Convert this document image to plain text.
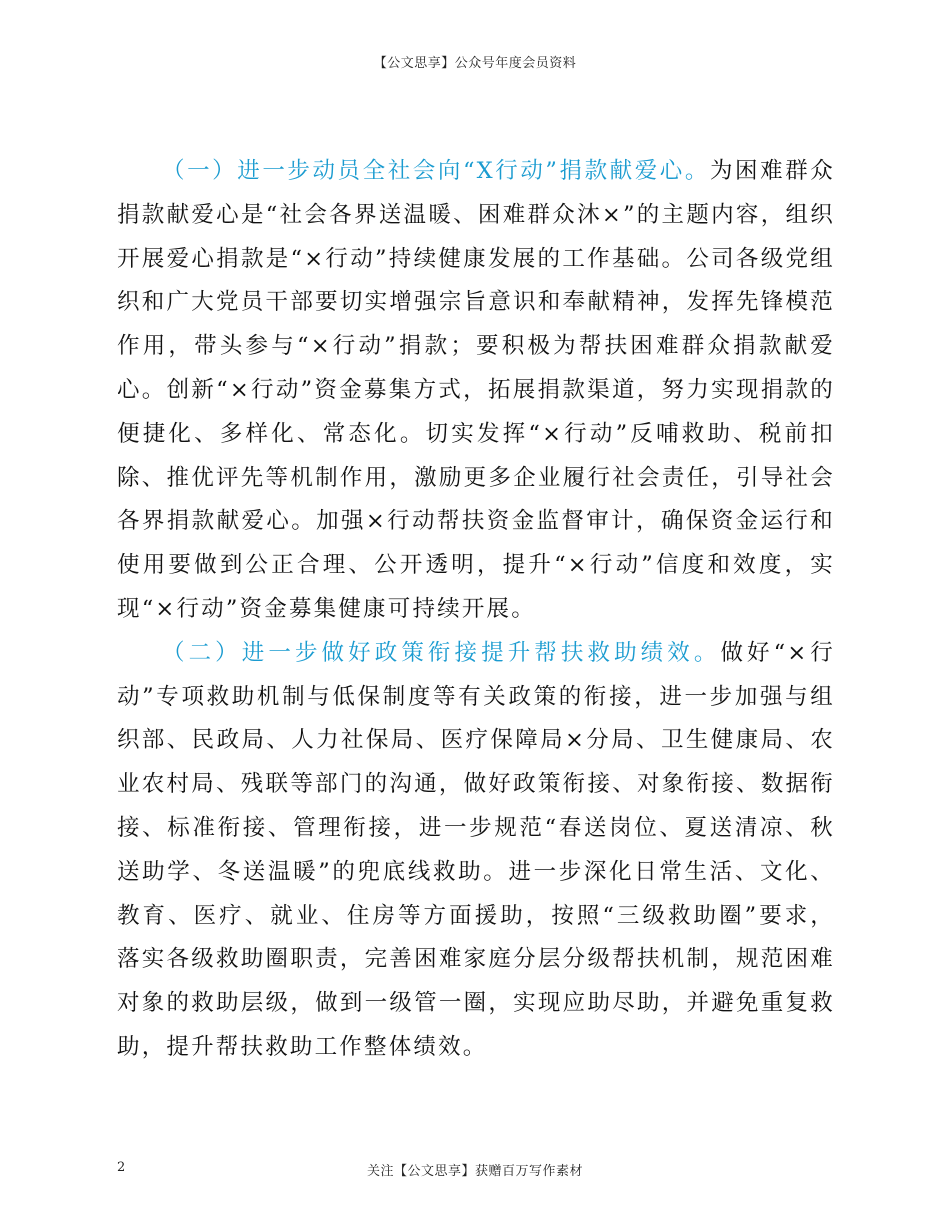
【公文思享】公众号年度会员资料

（一）进一步动员全社会向“X行动”捐款献爱心。为困难群众捐款献爱心是“社会各界送温暖、困难群众沐×”的主题内容，组织开展爱心捐款是“×行动”持续健康发展的工作基础。公司各级党组织和广大党员干部要切实增强宗旨意识和奉献精神，发挥先锋模范作用，带头参与“×行动”捐款；要积极为帮扶困难群众捐款献爱心。创新“×行动”资金募集方式，拓展捐款渠道，努力实现捐款的便捷化、多样化、常态化。切实发挥“×行动”反哺救助、税前扣除、推优评先等机制作用，激励更多企业履行社会责任，引导社会各界捐款献爱心。加强×行动帮扶资金监督审计，确保资金运行和使用要做到公正合理、公开透明，提升“×行动”信度和效度，实现“×行动”资金募集健康可持续开展。

（二）进一步做好政策衔接提升帮扶救助绩效。做好“×行动”专项救助机制与低保制度等有关政策的衔接，进一步加强与组织部、民政局、人力社保局、医疗保障局×分局、卫生健康局、农业农村局、残联等部门的沟通，做好政策衔接、对象衔接、数据衔接、标准衔接、管理衔接，进一步规范“春送岗位、夏送清凉、秋送助学、冬送温暖”的兜底线救助。进一步深化日常生活、文化、教育、医疗、就业、住房等方面援助，按照“三级救助圈”要求，落实各级救助圈职责，完善困难家庭分层分级帮扶机制，规范困难对象的救助层级，做到一级管一圈，实现应助尽助，并避免重复救助，提升帮扶救助工作整体绩效。

2	关注【公文思享】获赠百万写作素材
